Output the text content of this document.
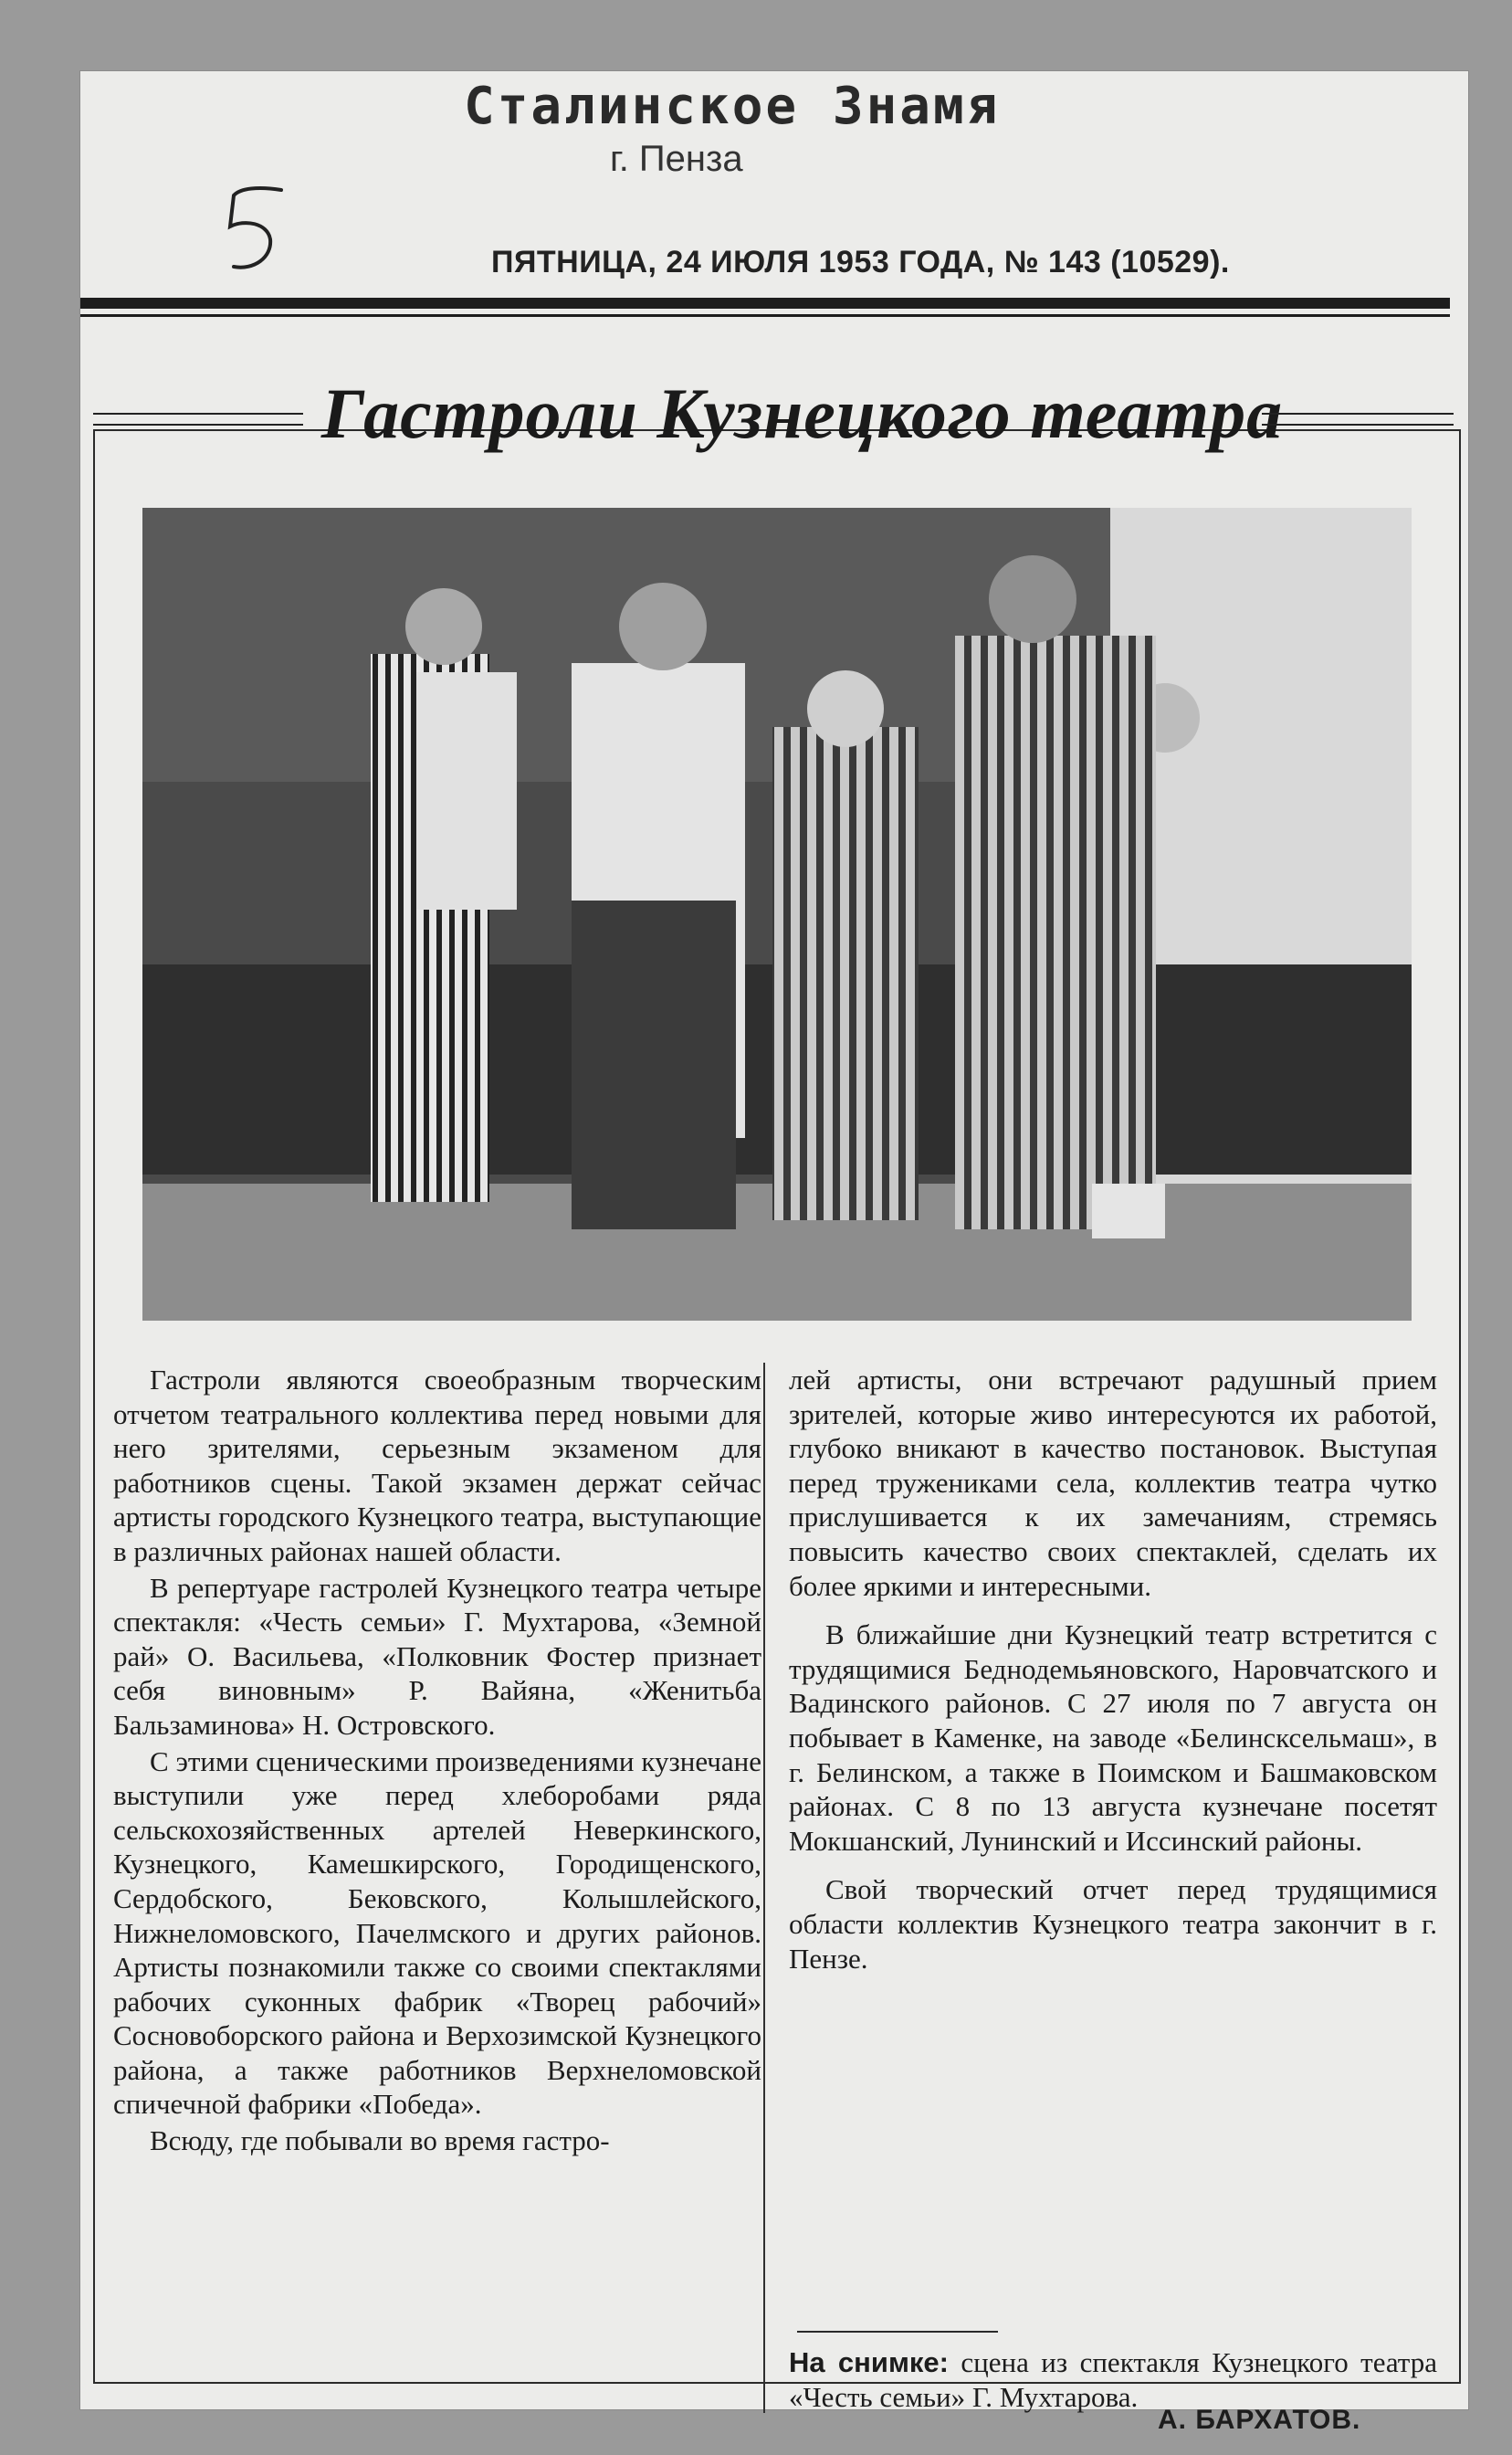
Сталинское Знамя
г. Пенза
ПЯТНИЦА, 24 ИЮЛЯ 1953 ГОДА, № 143 (10529).
Гастроли Кузнецкого театра

Гастроли являются своеобразным творческим отчетом театрального коллектива перед новыми для него зрителями, серьезным экзаменом для работников сцены. Такой экзамен держат сейчас артисты городского Кузнецкого театра, выступающие в различных районах нашей области.

В репертуаре гастролей Кузнецкого театра четыре спектакля: «Честь семьи» Г. Мухтарова, «Земной рай» О. Васильева, «Полковник Фостер признает себя виновным» Р. Вайяна, «Женитьба Бальзаминова» Н. Островского.

С этими сценическими произведениями кузнечане выступили уже перед хлеборобами ряда сельскохозяйственных артелей Неверкинского, Кузнецкого, Камешкирского, Городищенского, Сердобского, Бековского, Колышлейского, Нижнеломовского, Пачелмского и других районов. Артисты познакомили также со своими спектаклями рабочих суконных фабрик «Творец рабочий» Сосновоборского района и Верхозимской Кузнецкого района, а также работников Верхнеломовской спичечной фабрики «Победа».

Всюду, где побывали во время гастро-

лей артисты, они встречают радушный прием зрителей, которые живо интересуются их работой, глубоко вникают в качество постановок. Выступая перед тружениками села, коллектив театра чутко прислушивается к их замечаниям, стремясь повысить качество своих спектаклей, сделать их более яркими и интересными.

В ближайшие дни Кузнецкий театр встретится с трудящимися Беднодемьяновского, Наровчатского и Вадинского районов. С 27 июля по 7 августа он побывает в Каменке, на заводе «Белинсксельмаш», в г. Белинском, а также в Поимском и Башмаковском районах. С 8 по 13 августа кузнечане посетят Мокшанский, Лунинский и Иссинский районы.

Свой творческий отчет перед трудящимися области коллектив Кузнецкого театра закончит в г. Пензе.

На снимке: сцена из спектакля Кузнецкого театра «Честь семьи» Г. Мухтарова.
А. БАРХАТОВ.
